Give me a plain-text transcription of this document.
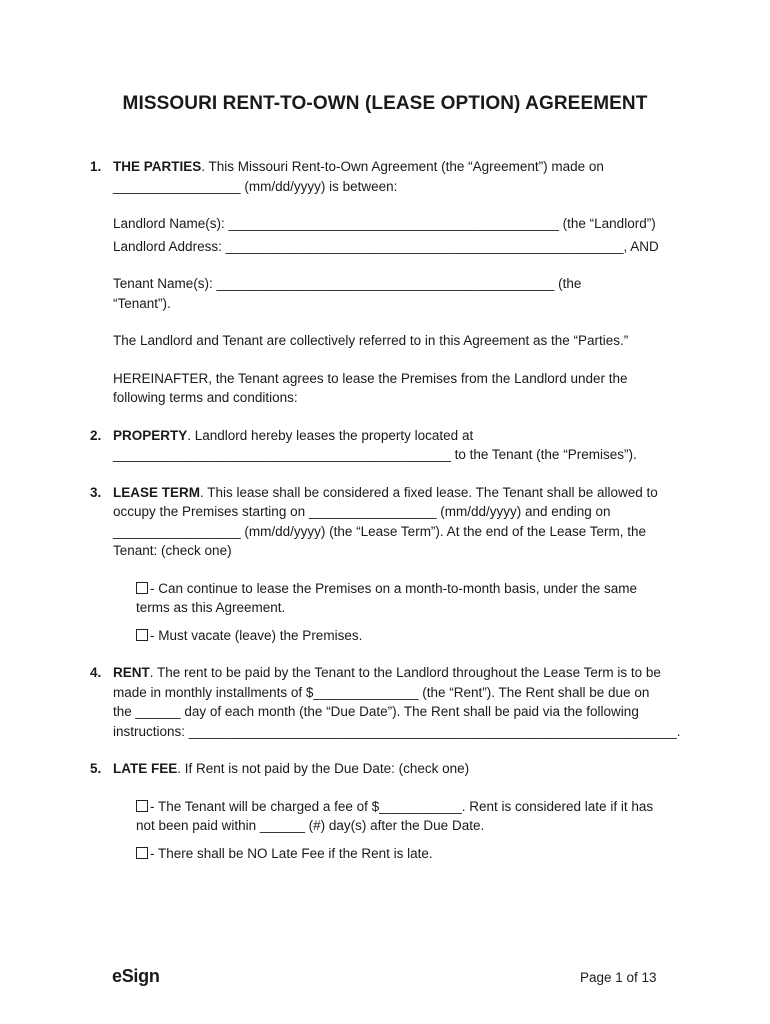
MISSOURI RENT-TO-OWN (LEASE OPTION) AGREEMENT
1. THE PARTIES. This Missouri Rent-to-Own Agreement (the “Agreement”) made on

_________________ (mm/dd/yyyy) is between:

Landlord Name(s): ____________________________________________ (the “Landlord”)

Landlord Address: _____________________________________________________, AND

Tenant Name(s): _____________________________________________ (the

“Tenant”).

The Landlord and Tenant are collectively referred to in this Agreement as the “Parties.”

HEREINAFTER, the Tenant agrees to lease the Premises from the Landlord under the

following terms and conditions:

2. PROPERTY. Landlord hereby leases the property located at

_____________________________________________ to the Tenant (the “Premises”).

3. LEASE TERM. This lease shall be considered a fixed lease. The Tenant shall be allowed to

occupy the Premises starting on _________________ (mm/dd/yyyy) and ending on

_________________ (mm/dd/yyyy) (the “Lease Term”). At the end of the Lease Term, the

Tenant: (check one)

- Can continue to lease the Premises on a month-to-month basis, under the same

terms as this Agreement.

- Must vacate (leave) the Premises.

4. RENT. The rent to be paid by the Tenant to the Landlord throughout the Lease Term is to be

made in monthly installments of $______________ (the “Rent”). The Rent shall be due on

the ______ day of each month (the “Due Date”). The Rent shall be paid via the following

instructions: _________________________________________________________________.

5. LATE FEE. If Rent is not paid by the Due Date: (check one)

- The Tenant will be charged a fee of $___________. Rent is considered late if it has

not been paid within ______ (#) day(s) after the Due Date.

- There shall be NO Late Fee if the Rent is late.

eSign	Page 1 of 13
